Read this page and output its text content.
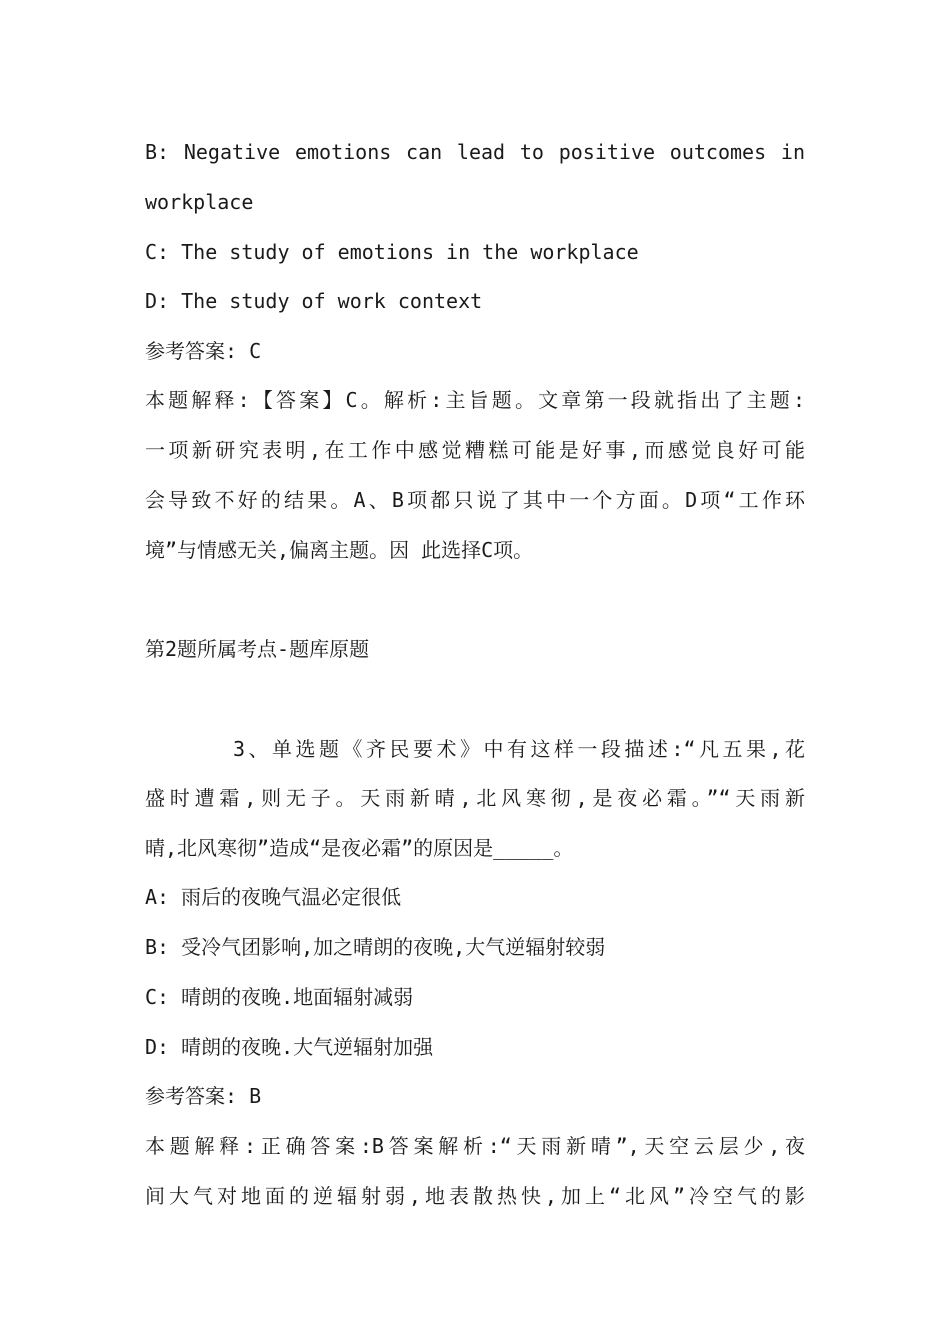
B: Negative emotions can lead to positive outcomes in

workplace

C: The study of emotions in the workplace

D: The study of work context

参考答案: C

本题解释:【答案】C。解析:主旨题。文章第一段就指出了主题:

一项新研究表明,在工作中感觉糟糕可能是好事,而感觉良好可能

会导致不好的结果。A、B项都只说了其中一个方面。D项“工作环

境”与情感无关,偏离主题。因 此选择C项。

第2题所属考点-题库原题

3、单选题《齐民要术》中有这样一段描述:“凡五果,花

盛时遭霜,则无子。天雨新晴,北风寒彻,是夜必霜。”“天雨新

晴,北风寒彻”造成“是夜必霜”的原因是_____。

A: 雨后的夜晚气温必定很低

B: 受冷气团影响,加之晴朗的夜晚,大气逆辐射较弱

C: 晴朗的夜晚.地面辐射减弱

D: 晴朗的夜晚.大气逆辐射加强

参考答案: B

本题解释:正确答案:B答案解析:“天雨新晴”,天空云层少,夜

间大气对地面的逆辐射弱,地表散热快,加上“北风”冷空气的影
